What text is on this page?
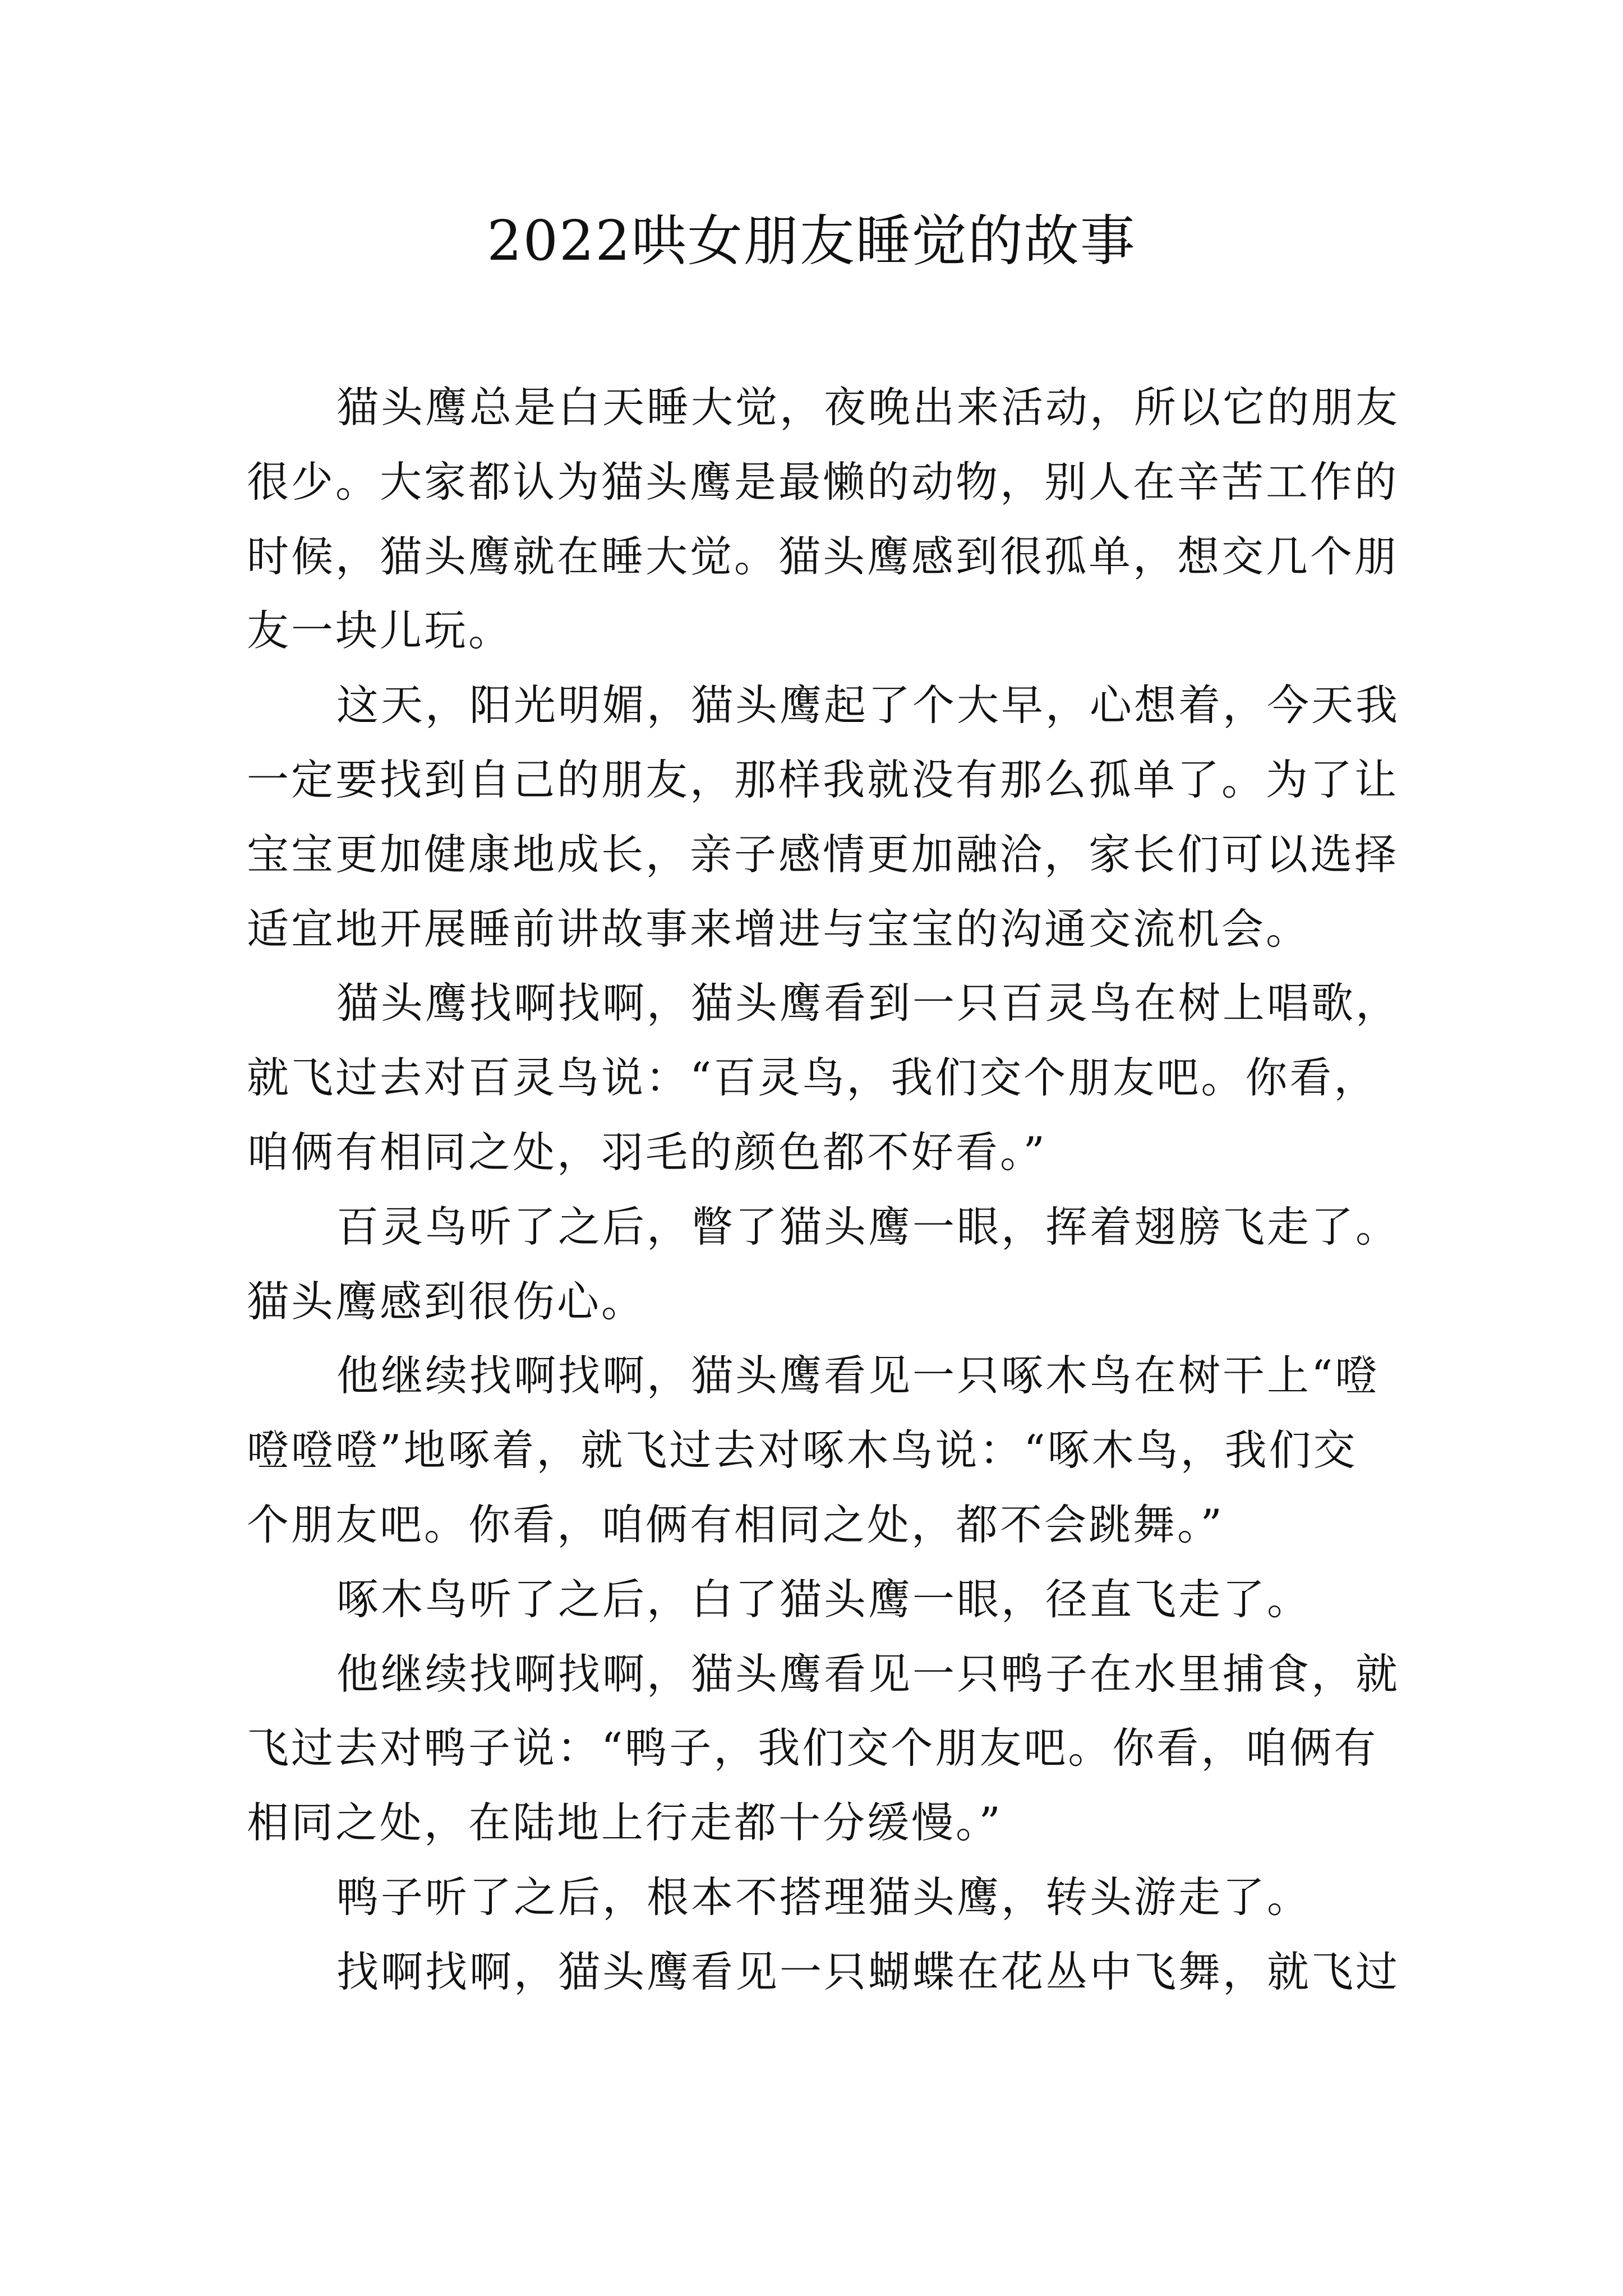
2022哄女朋友睡觉的故事
猫头鹰总是白天睡大觉，夜晚出来活动，所以它的朋友
很少。大家都认为猫头鹰是最懒的动物，别人在辛苦工作的
时候，猫头鹰就在睡大觉。猫头鹰感到很孤单，想交几个朋
友一块儿玩。
这天，阳光明媚，猫头鹰起了个大早，心想着，今天我
一定要找到自己的朋友，那样我就没有那么孤单了。为了让
宝宝更加健康地成长，亲子感情更加融洽，家长们可以选择
适宜地开展睡前讲故事来增进与宝宝的沟通交流机会。
猫头鹰找啊找啊，猫头鹰看到一只百灵鸟在树上唱歌，
就飞过去对百灵鸟说：“百灵鸟，我们交个朋友吧。你看，
咱俩有相同之处，羽毛的颜色都不好看。”
百灵鸟听了之后，瞥了猫头鹰一眼，挥着翅膀飞走了。
猫头鹰感到很伤心。
他继续找啊找啊，猫头鹰看见一只啄木鸟在树干上“噔
噔噔噔”地啄着，就飞过去对啄木鸟说：“啄木鸟，我们交
个朋友吧。你看，咱俩有相同之处，都不会跳舞。”
啄木鸟听了之后，白了猫头鹰一眼，径直飞走了。
他继续找啊找啊，猫头鹰看见一只鸭子在水里捕食，就
飞过去对鸭子说：“鸭子，我们交个朋友吧。你看，咱俩有
相同之处，在陆地上行走都十分缓慢。”
鸭子听了之后，根本不搭理猫头鹰，转头游走了。
找啊找啊，猫头鹰看见一只蝴蝶在花丛中飞舞，就飞过
